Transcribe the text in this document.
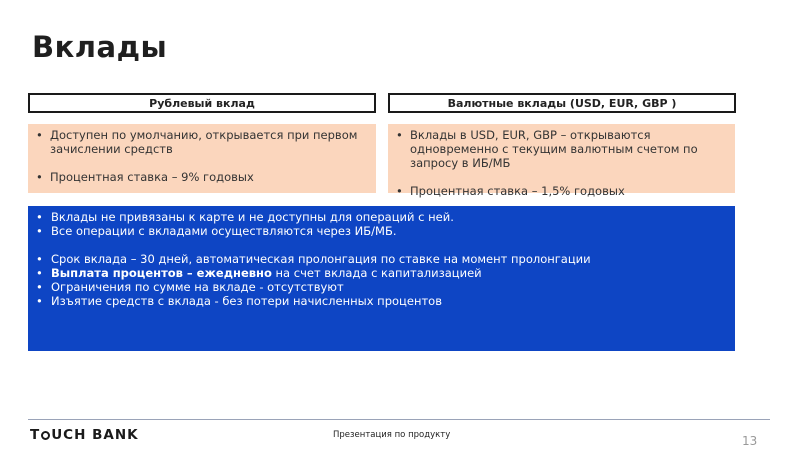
Вклады
Рублевый вклад	Валютные вклады (USD, EUR, GBP )
• Доступен по умолчанию, открывается при первом зачислении средств
• Процентная ставка – 9% годовых
• Вклады в USD, EUR, GBP – открываются одновременно с текущим валютным счетом по запросу в ИБ/МБ
• Процентная ставка – 1,5% годовых
• Вклады не привязаны к карте и не доступны для операций с ней.
• Все операции с вкладами осуществляются через ИБ/МБ.
• Срок вклада – 30 дней, автоматическая пролонгация по ставке на момент пролонгации
• Выплата процентов – ежедневно на счет вклада с капитализацией
• Ограничения по сумме на вкладе - отсутствуют
• Изъятие средств с вклада - без потери начисленных процентов
T UCH BANK	Презентация по продукту	13
